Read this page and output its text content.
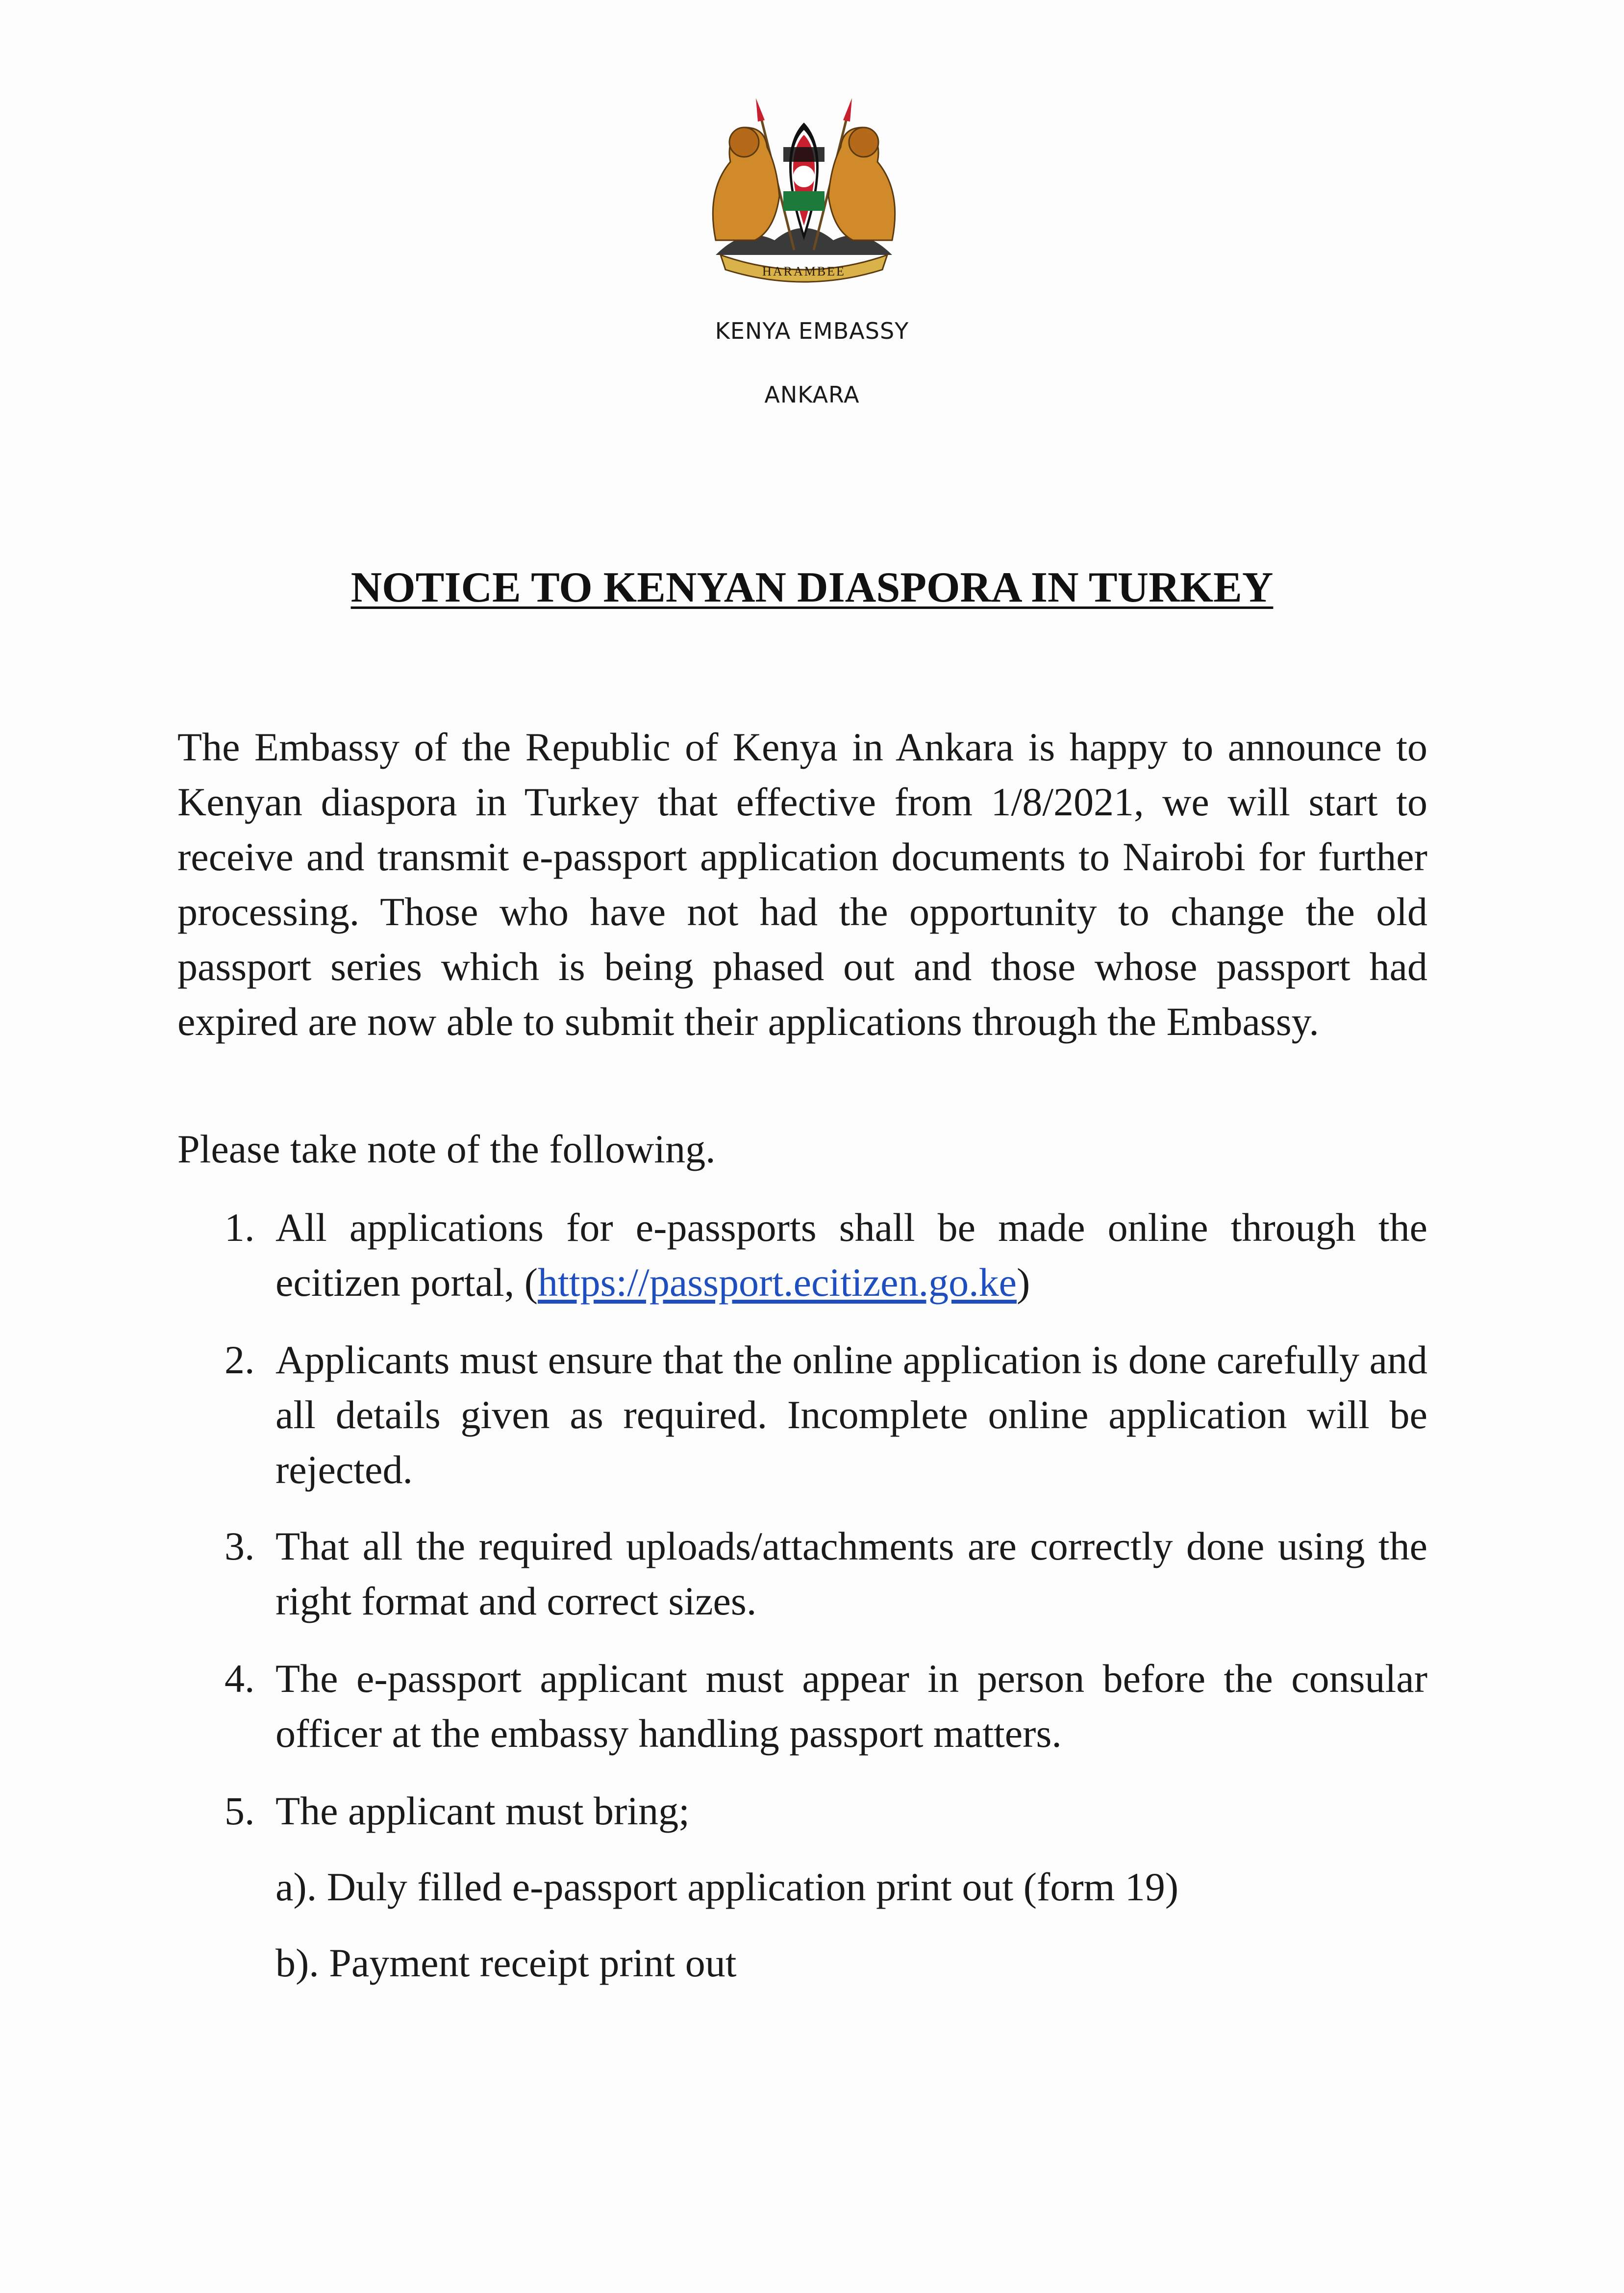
HARAMBEE
KENYA EMBASSY
ANKARA
NOTICE TO KENYAN DIASPORA IN TURKEY
The Embassy of the Republic of Kenya in Ankara is happy to announce to Kenyan diaspora in Turkey that effective from 1/8/2021, we will start to receive and transmit e-passport application documents to Nairobi for further processing. Those who have not had the opportunity to change the old passport series which is being phased out and those whose passport had expired are now able to submit their applications through the Embassy.
Please take note of the following.
1. All applications for e-passports shall be made online through the ecitizen portal, (https://passport.ecitizen.go.ke)
2. Applicants must ensure that the online application is done carefully and all details given as required. Incomplete online application will be rejected.
3. That all the required uploads/attachments are correctly done using the right format and correct sizes.
4. The e-passport applicant must appear in person before the consular officer at the embassy handling passport matters.
5. The applicant must bring;
a). Duly filled e-passport application print out (form 19)
b). Payment receipt print out
